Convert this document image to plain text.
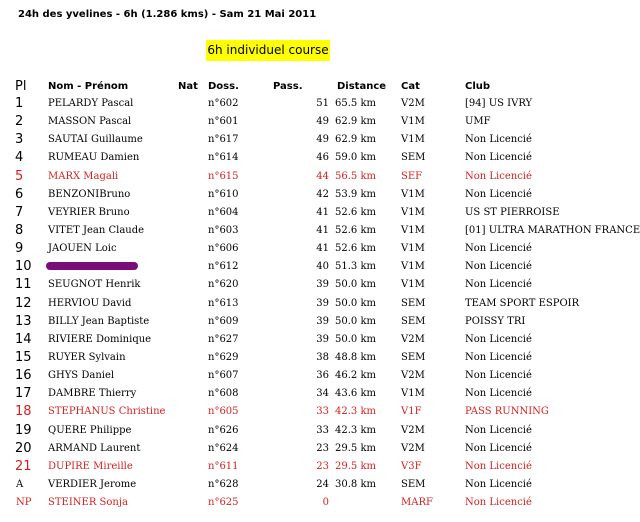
24h des yvelines - 6h (1.286 kms) - Sam 21 Mai 2011
6h individuel course
Pl Nom - Prénom	Nat Doss.	Pass.	Distance Cat	Club
1 PELARDY Pascal	n°602	51 65.5 km	V2M	[94] US IVRY
2 MASSON Pascal	n°601	49 62.9 km	V1M	UMF
3 SAUTAI Guillaume	n°617	49 62.9 km	V1M	Non Licencié
4 RUMEAU Damien	n°614	46 59.0 km	SEM	Non Licencié
5 MARX Magali	n°615	44 56.5 km	SEF	Non Licencié
6 BENZONIBruno	n°610	42 53.9 km	V1M	Non Licencié
7 VEYRIER Bruno	n°604	41 52.6 km	V1M	US ST PIERROISE
8 VITET Jean Claude	n°603	41 52.6 km	V1M	[01] ULTRA MARATHON FRANCE
9 JAOUEN Loic	n°606	41 52.6 km	V1M	Non Licencié
10	n°612	40 51.3 km	V1M	Non Licencié
11 SEUGNOT Henrik	n°620	39 50.0 km	V1M	Non Licencié
12 HERVIOU David	n°613	39 50.0 km	SEM	TEAM SPORT ESPOIR
13 BILLY Jean Baptiste	n°609	39 50.0 km	SEM	POISSY TRI
14 RIVIERE Dominique	n°627	39 50.0 km	V2M	Non Licencié
15 RUYER Sylvain	n°629	38 48.8 km	SEM	Non Licencié
16 GHYS Daniel	n°607	36 46.2 km	V2M	Non Licencié
17 DAMBRE Thierry	n°608	34 43.6 km	V1M	Non Licencié
18 STEPHANUS Christine	n°605	33 42.3 km	V1F	PASS RUNNING
19 QUERE Philippe	n°626	33 42.3 km	V2M	Non Licencié
20 ARMAND Laurent	n°624	23 29.5 km	V2M	Non Licencié
21 DUPIRE Mireille	n°611	23 29.5 km	V3F	Non Licencié
A VERDIER Jerome	n°628	24 30.8 km	SEM	Non Licencié
NP STEINER Sonja	n°625	0	MARF	Non Licencié
